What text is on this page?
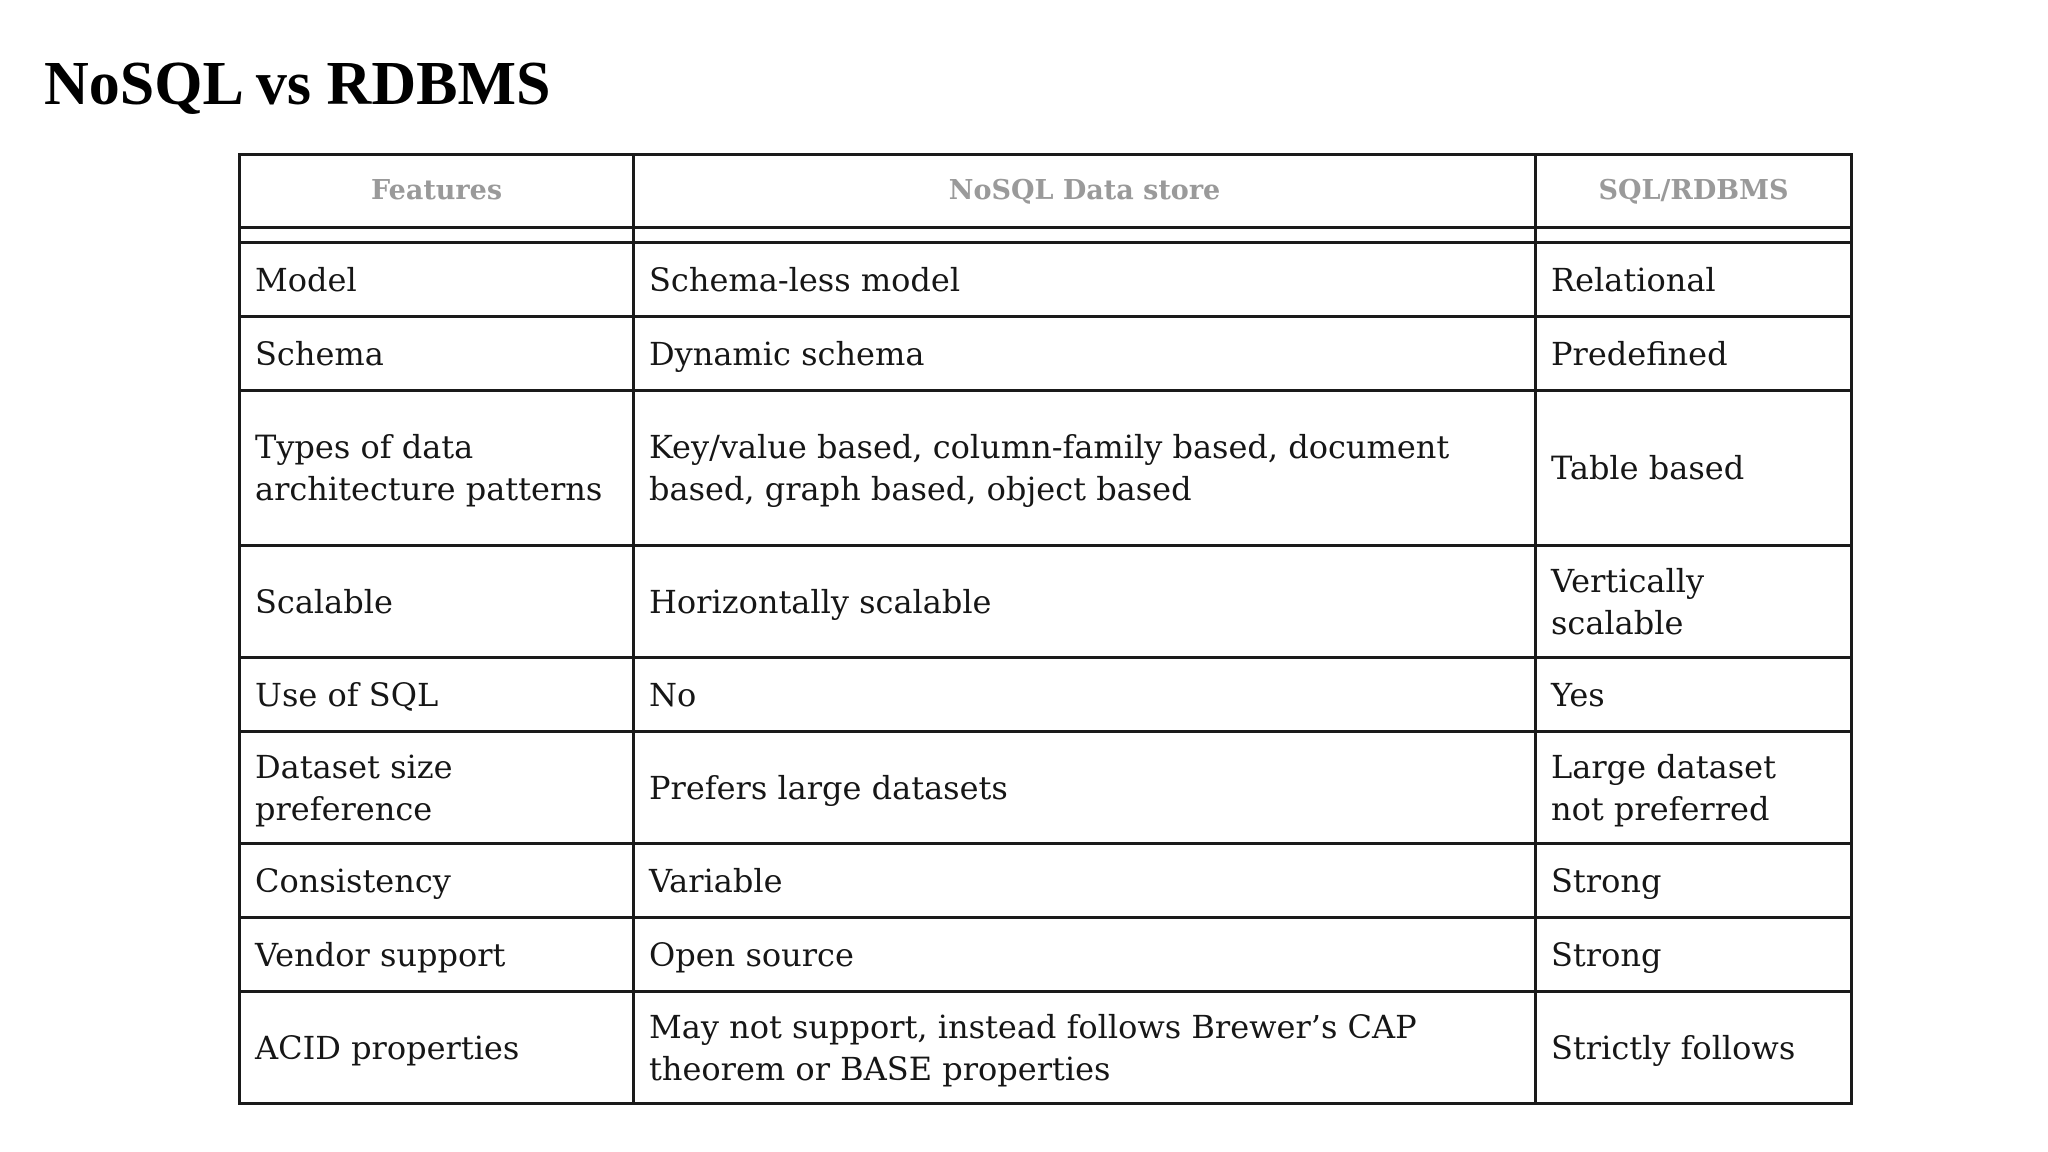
NoSQL vs RDBMS
Features	NoSQL Data store	SQL/RDBMS

Model	Schema-less model	Relational
Schema	Dynamic schema	Predefined
Types of data architecture patterns	Key/value based, column-family based, document based, graph based, object based	Table based
Scalable	Horizontally scalable	Vertically scalable
Use of SQL	No	Yes
Dataset size preference	Prefers large datasets	Large dataset not preferred
Consistency	Variable	Strong
Vendor support	Open source	Strong
ACID properties	May not support, instead follows Brewer’s CAP theorem or BASE properties	Strictly follows
